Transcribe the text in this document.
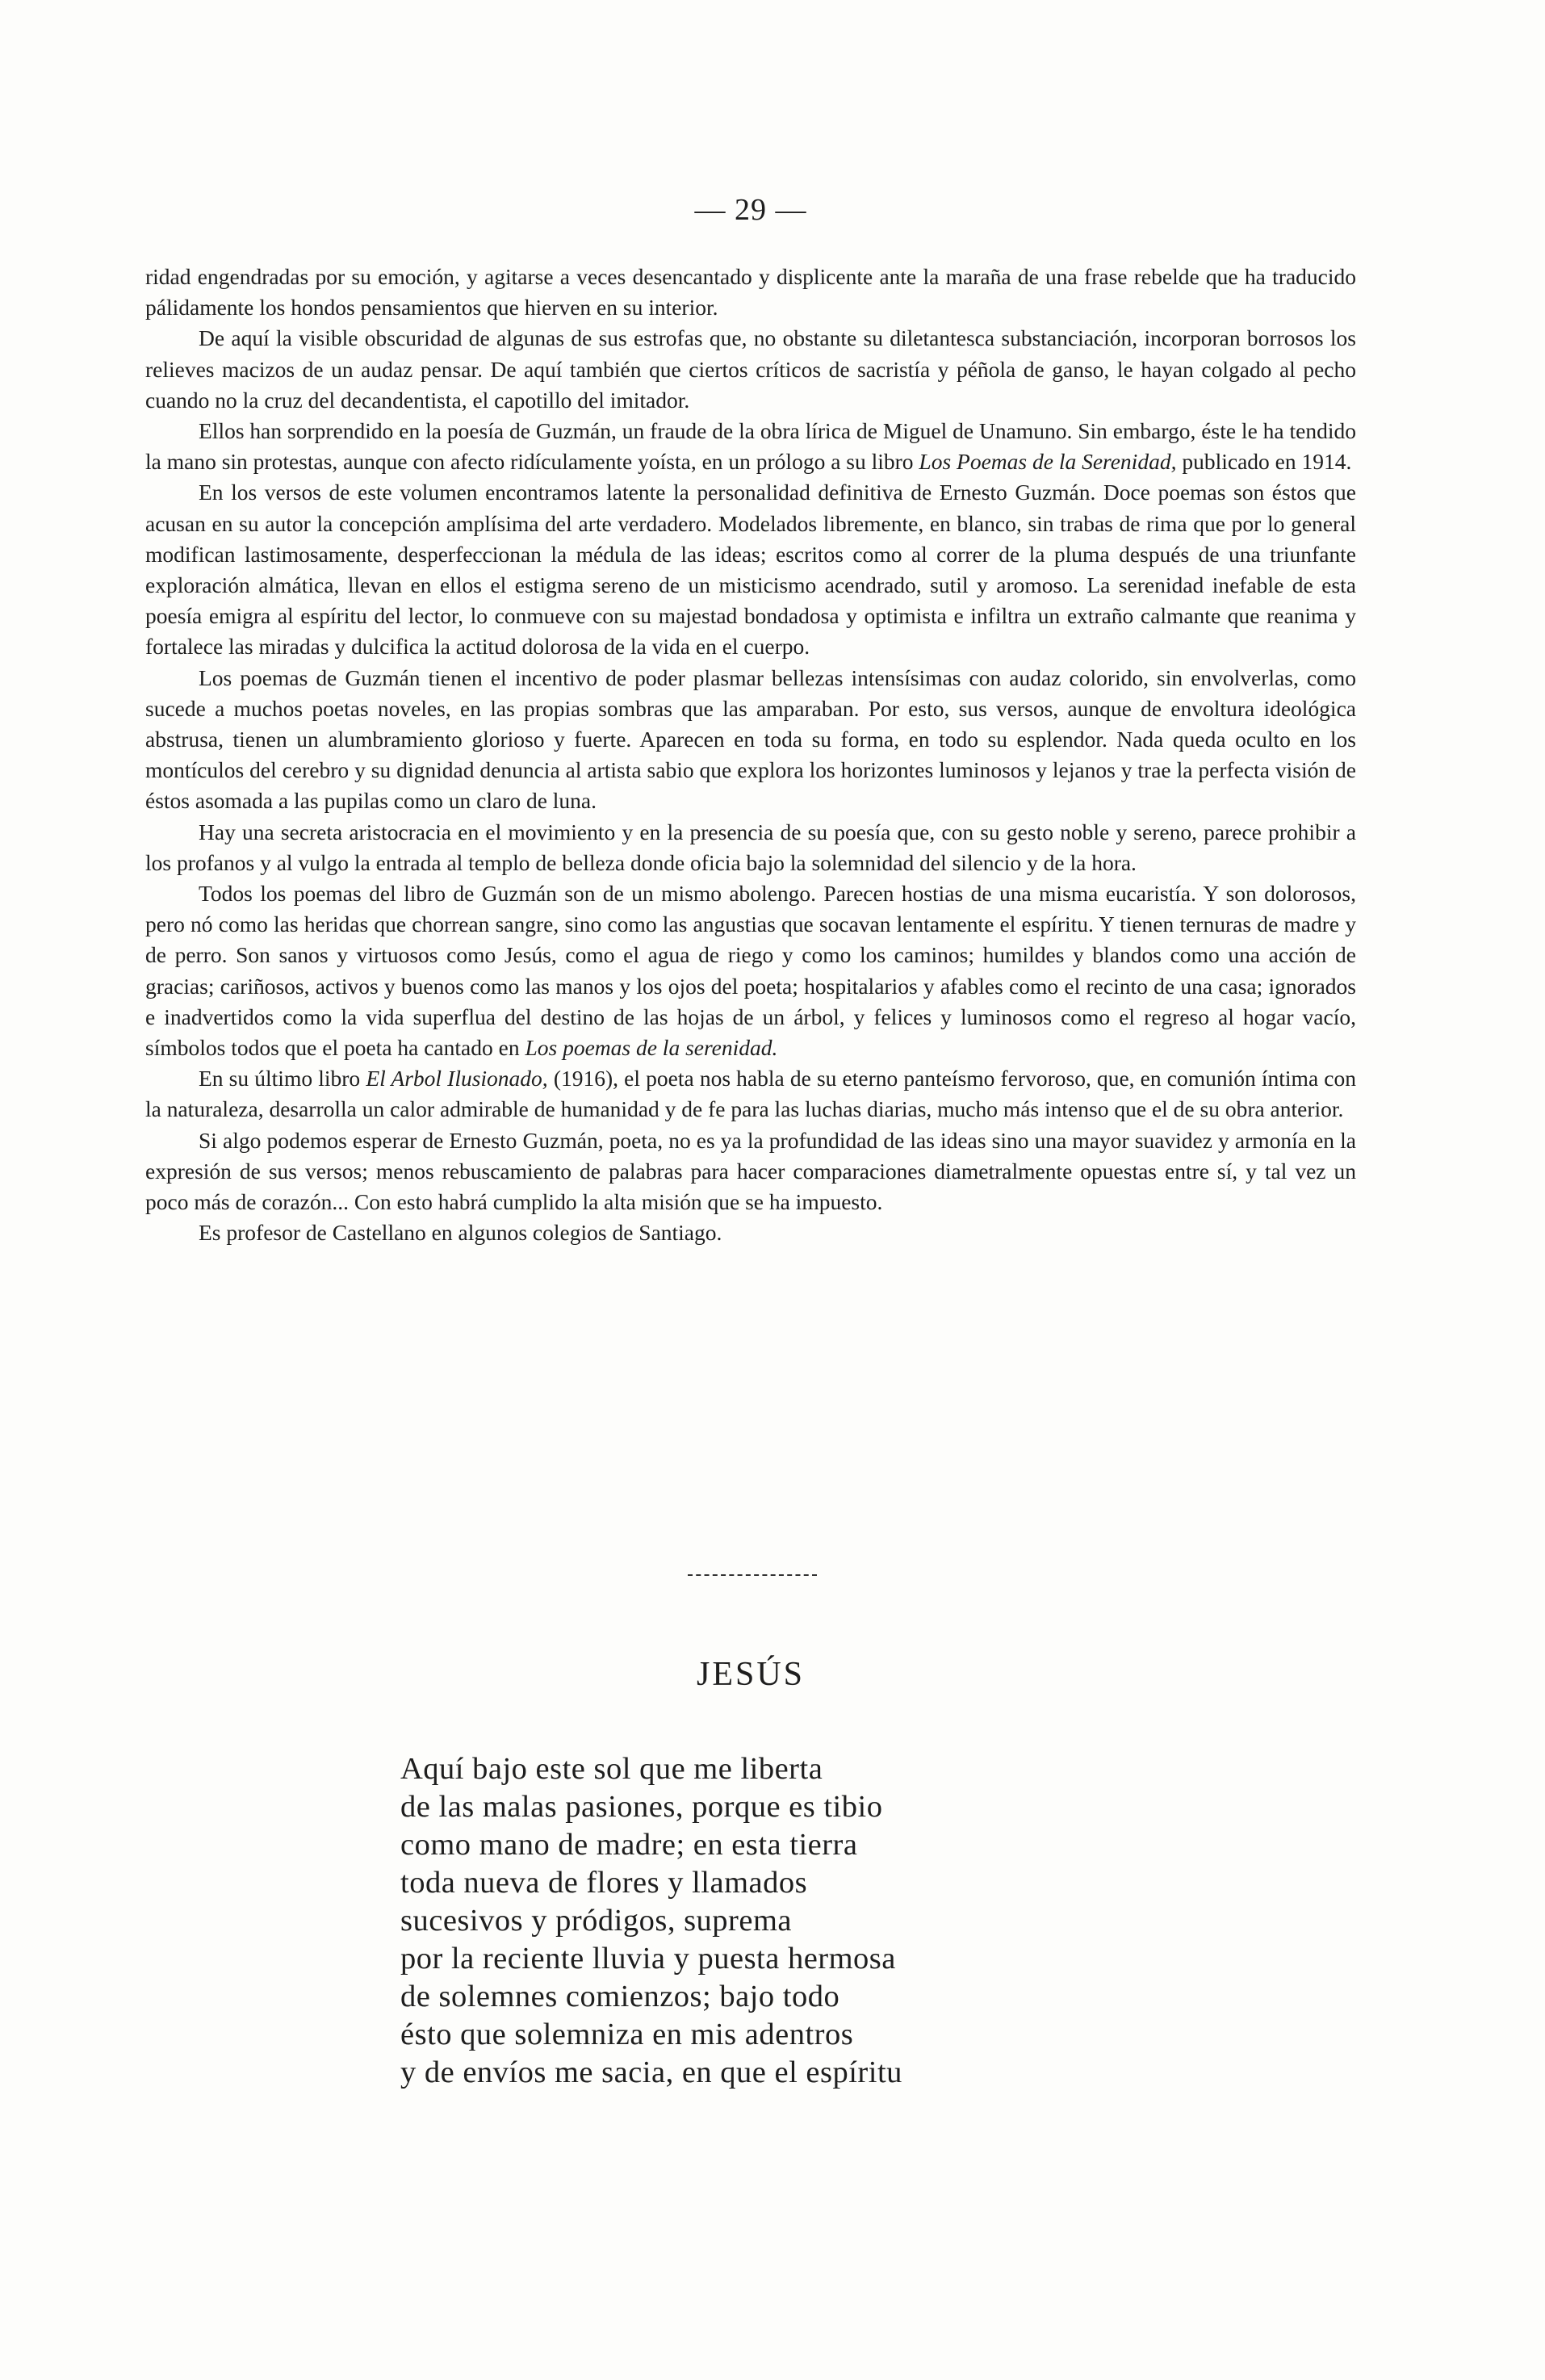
— 29 —

ridad engendradas por su emoción, y agitarse a veces desencantado y displicente ante la maraña de una frase rebelde que ha traducido pálidamente los hondos pensamientos que hierven en su interior.

De aquí la visible obscuridad de algunas de sus estrofas que, no obstante su diletantesca substanciación, incorporan borrosos los relieves macizos de un audaz pensar. De aquí también que ciertos críticos de sacristía y péñola de ganso, le hayan colgado al pecho cuando no la cruz del decandentista, el capotillo del imitador.

Ellos han sorprendido en la poesía de Guzmán, un fraude de la obra lírica de Miguel de Unamuno. Sin embargo, éste le ha tendido la mano sin protestas, aunque con afecto ridículamente yoísta, en un prólogo a su libro Los Poemas de la Serenidad, publicado en 1914.

En los versos de este volumen encontramos latente la personalidad definitiva de Ernesto Guzmán. Doce poemas son éstos que acusan en su autor la concepción amplísima del arte verdadero. Modelados libremente, en blanco, sin trabas de rima que por lo general modifican lastimosamente, desperfeccionan la médula de las ideas; escritos como al correr de la pluma después de una triunfante exploración almática, llevan en ellos el estigma sereno de un misticismo acendrado, sutil y aromoso. La serenidad inefable de esta poesía emigra al espíritu del lector, lo conmueve con su majestad bondadosa y optimista e infiltra un extraño calmante que reanima y fortalece las miradas y dulcifica la actitud dolorosa de la vida en el cuerpo.

Los poemas de Guzmán tienen el incentivo de poder plasmar bellezas intensísimas con audaz colorido, sin envolverlas, como sucede a muchos poetas noveles, en las propias sombras que las amparaban. Por esto, sus versos, aunque de envoltura ideológica abstrusa, tienen un alumbramiento glorioso y fuerte. Aparecen en toda su forma, en todo su esplendor. Nada queda oculto en los montículos del cerebro y su dignidad denuncia al artista sabio que explora los horizontes luminosos y lejanos y trae la perfecta visión de éstos asomada a las pupilas como un claro de luna.

Hay una secreta aristocracia en el movimiento y en la presencia de su poesía que, con su gesto noble y sereno, parece prohibir a los profanos y al vulgo la entrada al templo de belleza donde oficia bajo la solemnidad del silencio y de la hora.

Todos los poemas del libro de Guzmán son de un mismo abolengo. Parecen hostias de una misma eucaristía. Y son dolorosos, pero nó como las heridas que chorrean sangre, sino como las angustias que socavan lentamente el espíritu. Y tienen ternuras de madre y de perro. Son sanos y virtuosos como Jesús, como el agua de riego y como los caminos; humildes y blandos como una acción de gracias; cariñosos, activos y buenos como las manos y los ojos del poeta; hospitalarios y afables como el recinto de una casa; ignorados e inadvertidos como la vida superflua del destino de las hojas de un árbol, y felices y luminosos como el regreso al hogar vacío, símbolos todos que el poeta ha cantado en Los poemas de la serenidad.

En su último libro El Arbol Ilusionado, (1916), el poeta nos habla de su eterno panteísmo fervoroso, que, en comunión íntima con la naturaleza, desarrolla un calor admirable de humanidad y de fe para las luchas diarias, mucho más intenso que el de su obra anterior.

Si algo podemos esperar de Ernesto Guzmán, poeta, no es ya la profundidad de las ideas sino una mayor suavidez y armonía en la expresión de sus versos; menos rebuscamiento de palabras para hacer comparaciones diametralmente opuestas entre sí, y tal vez un poco más de corazón... Con esto habrá cumplido la alta misión que se ha impuesto.

Es profesor de Castellano en algunos colegios de Santiago.

JESÚS
Aquí bajo este sol que me liberta
de las malas pasiones, porque es tibio
como mano de madre; en esta tierra
toda nueva de flores y llamados
sucesivos y pródigos, suprema
por la reciente lluvia y puesta hermosa
de solemnes comienzos; bajo todo
ésto que solemniza en mis adentros
y de envíos me sacia, en que el espíritu
